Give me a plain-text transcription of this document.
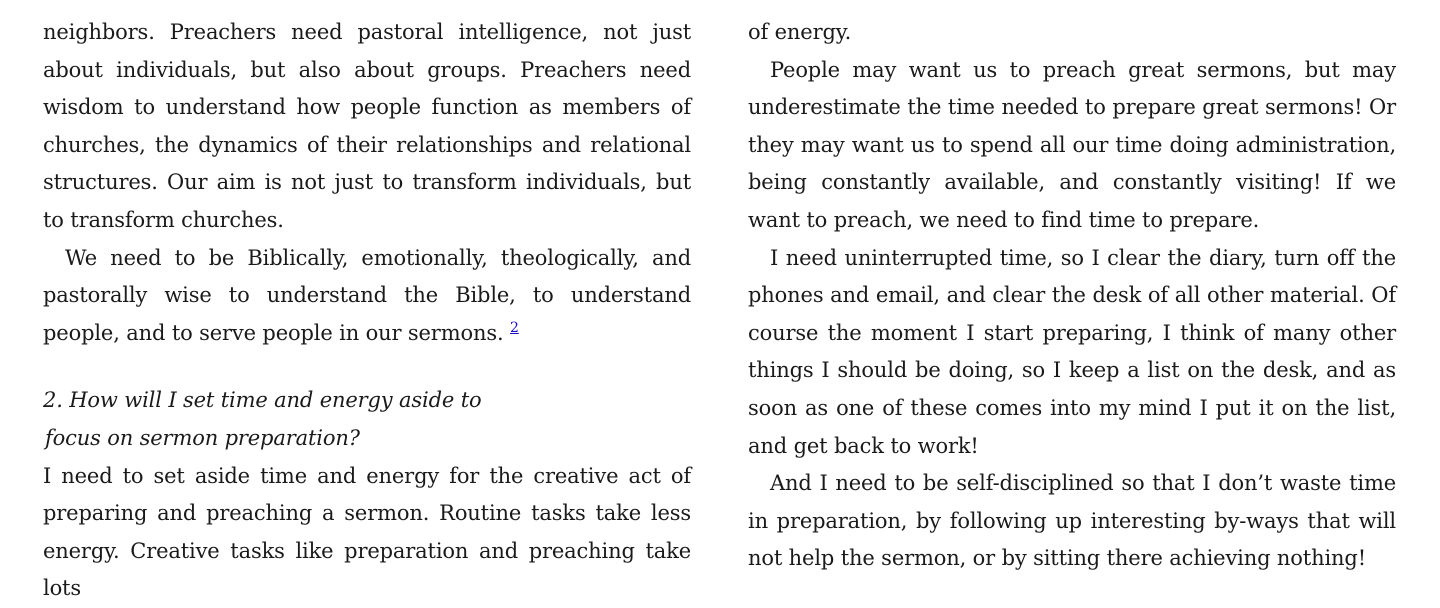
neighbors. Preachers need pastoral intelligence, not just about individuals, but also about groups. Preachers need wisdom to understand how people function as members of churches, the dynamics of their relationships and relational structures. Our aim is not just to transform individuals, but to transform churches.

We need to be Biblically, emotionally, theologically, and pastorally wise to understand the Bible, to understand people, and to serve people in our sermons. $^2$

2. How will I set time and energy aside to
focus on sermon preparation?

I need to set aside time and energy for the creative act of preparing and preaching a sermon. Routine tasks take less energy. Creative tasks like preparation and preaching take lots

of energy.

People may want us to preach great sermons, but may underestimate the time needed to prepare great sermons! Or they may want us to spend all our time doing administration, being constantly available, and constantly visiting! If we want to preach, we need to find time to prepare.

I need uninterrupted time, so I clear the diary, turn off the phones and email, and clear the desk of all other material. Of course the moment I start preparing, I think of many other things I should be doing, so I keep a list on the desk, and as soon as one of these comes into my mind I put it on the list, and get back to work!

And I need to be self-disciplined so that I don’t waste time in preparation, by following up interesting by-ways that will not help the sermon, or by sitting there achieving nothing!
